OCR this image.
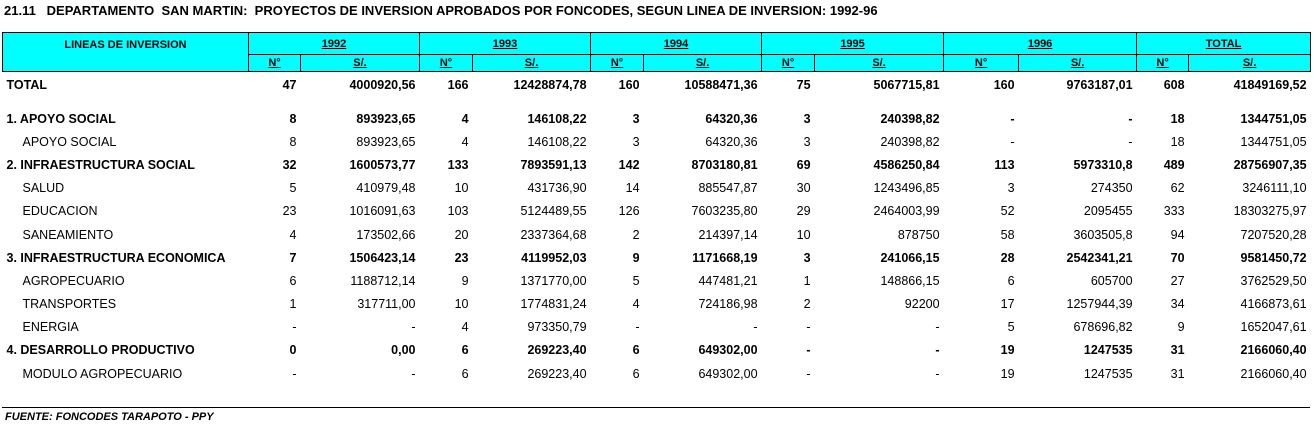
21.11   DEPARTAMENTO  SAN MARTIN:  PROYECTOS DE INVERSION APROBADOS POR FONCODES, SEGUN LINEA DE INVERSION: 1992-96
LINEAS DE INVERSION	1992		1993		1994		1995		1996		TOTAL	
	N°	S/.	N°	S/.	N°	S/.	N°	S/.	N°	S/.	N°	S/.
TOTAL	47	4000920,56	166	12428874,78	160	10588471,36	75	5067715,81	160	9763187,01	608	41849169,52

1. APOYO SOCIAL	8	893923,65	4	146108,22	3	64320,36	3	240398,82	-	-	18	1344751,05
APOYO SOCIAL	8	893923,65	4	146108,22	3	64320,36	3	240398,82	-	-	18	1344751,05
2. INFRAESTRUCTURA SOCIAL	32	1600573,77	133	7893591,13	142	8703180,81	69	4586250,84	113	5973310,8	489	28756907,35
SALUD	5	410979,48	10	431736,90	14	885547,87	30	1243496,85	3	274350	62	3246111,10
EDUCACION	23	1016091,63	103	5124489,55	126	7603235,80	29	2464003,99	52	2095455	333	18303275,97
SANEAMIENTO	4	173502,66	20	2337364,68	2	214397,14	10	878750	58	3603505,8	94	7207520,28
3. INFRAESTRUCTURA ECONOMICA	7	1506423,14	23	4119952,03	9	1171668,19	3	241066,15	28	2542341,21	70	9581450,72
AGROPECUARIO	6	1188712,14	9	1371770,00	5	447481,21	1	148866,15	6	605700	27	3762529,50
TRANSPORTES	1	317711,00	10	1774831,24	4	724186,98	2	92200	17	1257944,39	34	4166873,61
ENERGIA	-	-	4	973350,79	-	-	-	-	5	678696,82	9	1652047,61
4. DESARROLLO PRODUCTIVO	0	0,00	6	269223,40	6	649302,00	-	-	19	1247535	31	2166060,40
MODULO AGROPECUARIO	-	-	6	269223,40	6	649302,00	-	-	19	1247535	31	2166060,40
FUENTE: FONCODES TARAPOTO - PPY
